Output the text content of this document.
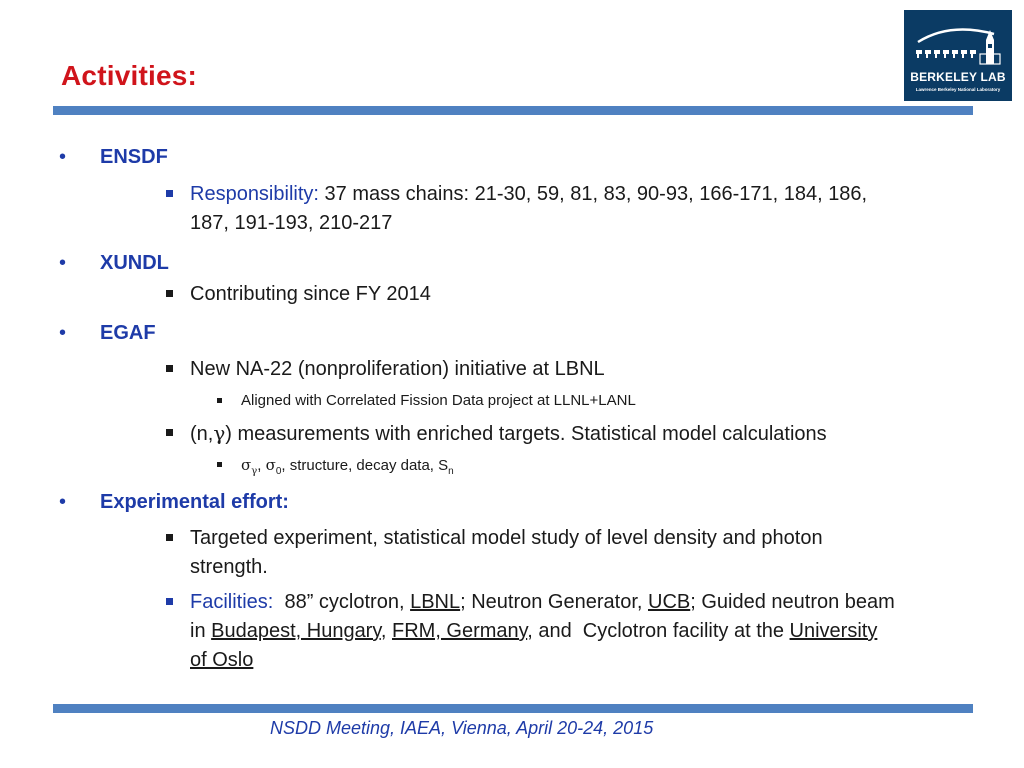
Activities:	BERKELEY LAB
Lawrence Berkeley National Laboratory
• ENSDF
Responsibility: 37 mass chains: 21-30, 59, 81, 83, 90-93, 166-171, 184, 186,
187, 191-193, 210-217
• XUNDL
Contributing since FY 2014
• EGAF
New NA-22 (nonproliferation) initiative at LBNL
Aligned with Correlated Fission Data project at LLNL+LANL
(n,γ) measurements with enriched targets. Statistical model calculations
$\sigma_\gamma$, $\sigma_0$, structure, decay data, $S_n$
• Experimental effort:
Targeted experiment, statistical model study of level density and photon
strength.
Facilities:  88” cyclotron, LBNL; Neutron Generator, UCB; Guided neutron beam
in Budapest, Hungary, FRM, Germany, and  Cyclotron facility at the University
of Oslo
NSDD Meeting, IAEA, Vienna, April 20-24, 2015
